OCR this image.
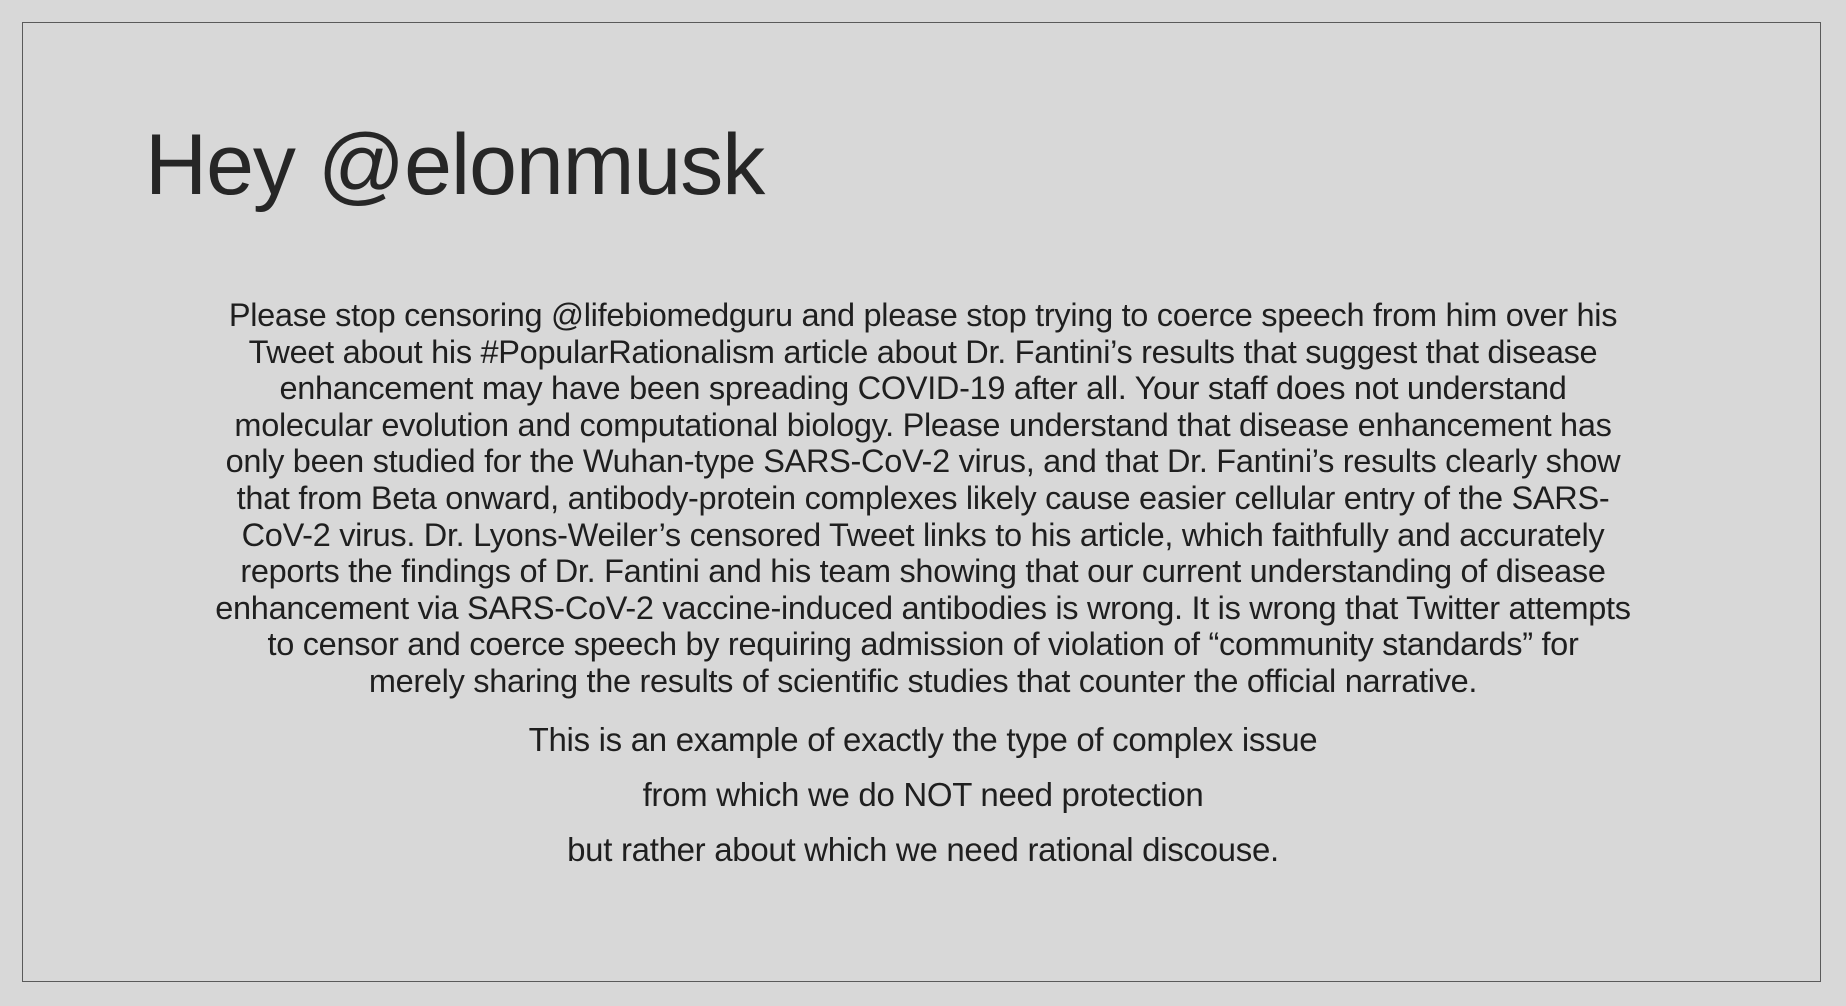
Hey @elonmusk
Please stop censoring @lifebiomedguru and please stop trying to coerce speech from him over his
Tweet about his #PopularRationalism article about Dr. Fantini’s results that suggest that disease
enhancement may have been spreading COVID-19 after all. Your staff does not understand
molecular evolution and computational biology. Please understand that disease enhancement has
only been studied for the Wuhan-type SARS-CoV-2 virus, and that Dr. Fantini’s results clearly show
that from Beta onward, antibody-protein complexes likely cause easier cellular entry of the SARS-
CoV-2 virus. Dr. Lyons-Weiler’s censored Tweet links to his article, which faithfully and accurately
reports the findings of Dr. Fantini and his team showing that our current understanding of disease
enhancement via SARS-CoV-2 vaccine-induced antibodies is wrong. It is wrong that Twitter attempts
to censor and coerce speech by requiring admission of violation of “community standards” for
merely sharing the results of scientific studies that counter the official narrative.
This is an example of exactly the type of complex issue
from which we do NOT need protection
but rather about which we need rational discouse.
